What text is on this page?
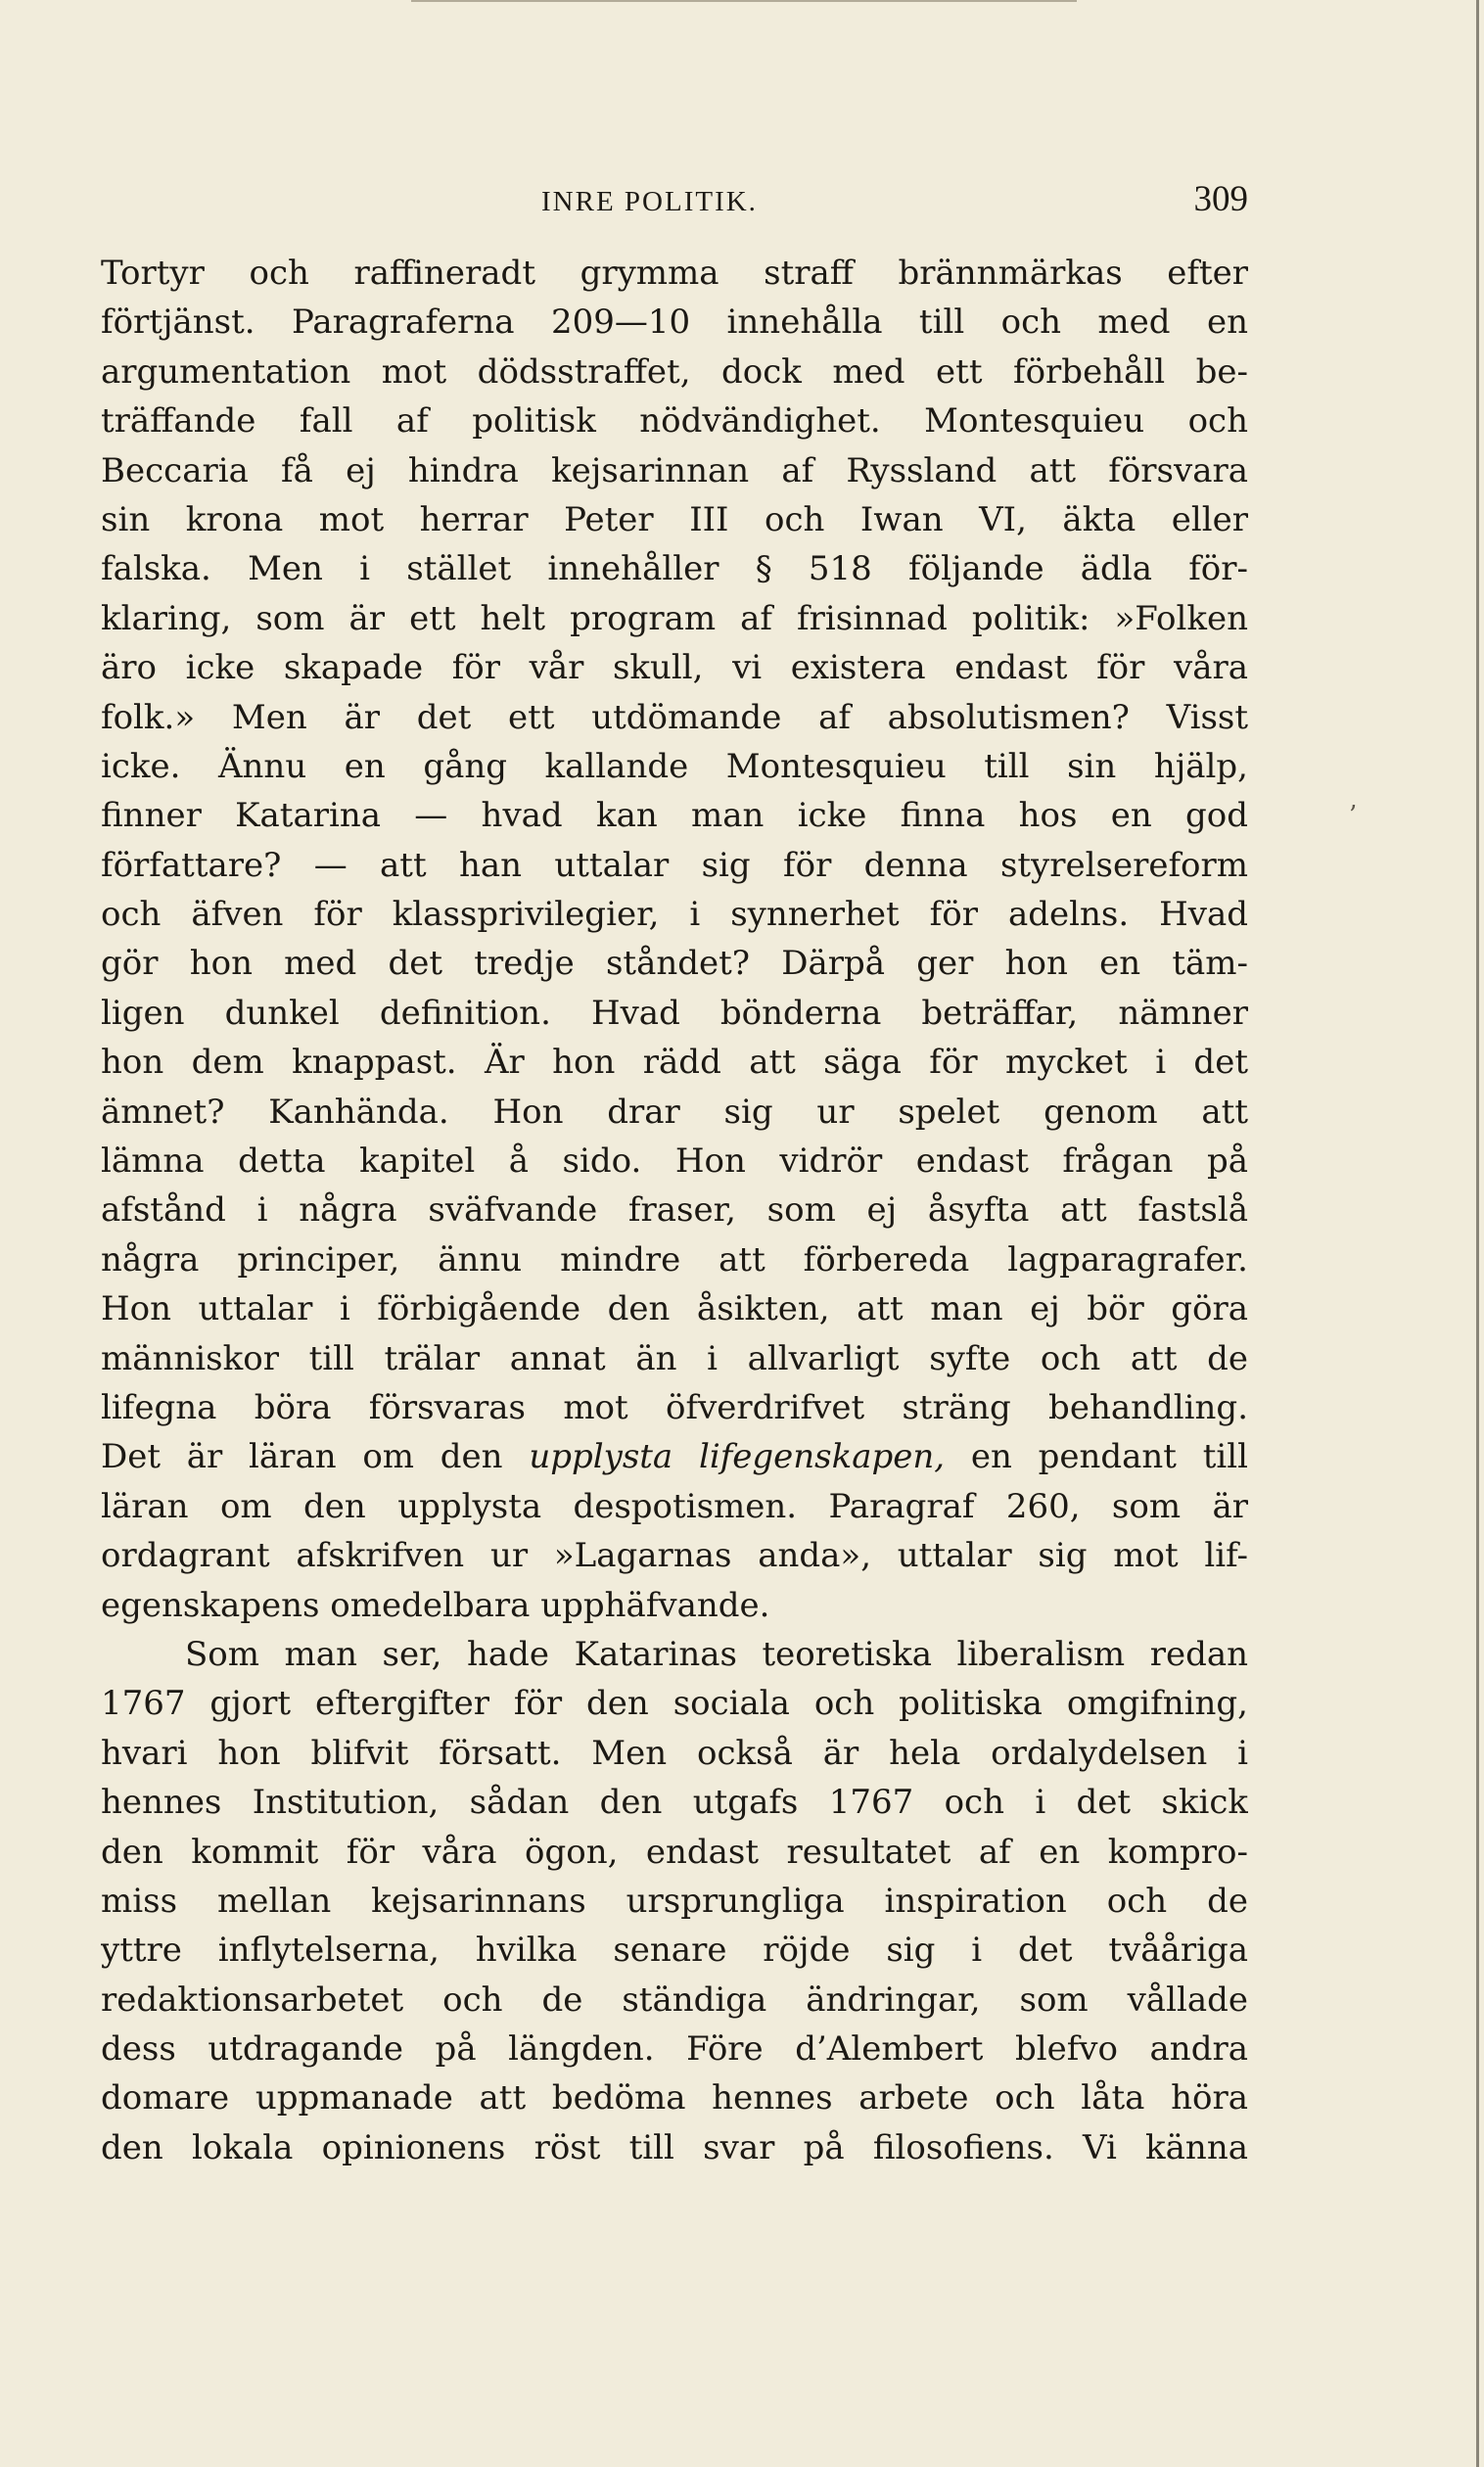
INRE POLITIK.	309
’
Tortyr och raffineradt grymma straff brännmärkas efter
förtjänst. Paragraferna 209—10 innehålla till och med en
argumentation mot dödsstraffet, dock med ett förbehåll be-
träffande fall af politisk nödvändighet. Montesquieu och
Beccaria få ej hindra kejsarinnan af Ryssland att försvara
sin krona mot herrar Peter III och Iwan VI, äkta eller
falska. Men i stället innehåller § 518 följande ädla för-
klaring, som är ett helt program af frisinnad politik: »Folken
äro icke skapade för vår skull, vi existera endast för våra
folk.» Men är det ett utdömande af absolutismen? Visst
icke. Ännu en gång kallande Montesquieu till sin hjälp,
finner Katarina — hvad kan man icke finna hos en god
författare? — att han uttalar sig för denna styrelsereform
och äfven för klassprivilegier, i synnerhet för adelns. Hvad
gör hon med det tredje ståndet? Därpå ger hon en täm-
ligen dunkel definition. Hvad bönderna beträffar, nämner
hon dem knappast. Är hon rädd att säga för mycket i det
ämnet? Kanhända. Hon drar sig ur spelet genom att
lämna detta kapitel å sido. Hon vidrör endast frågan på
afstånd i några sväfvande fraser, som ej åsyfta att fastslå
några principer, ännu mindre att förbereda lagparagrafer.
Hon uttalar i förbigående den åsikten, att man ej bör göra
människor till trälar annat än i allvarligt syfte och att de
lifegna böra försvaras mot öfverdrifvet sträng behandling.
Det är läran om den upplysta lifegenskapen, en pendant till
läran om den upplysta despotismen. Paragraf 260, som är
ordagrant afskrifven ur »Lagarnas anda», uttalar sig mot lif-
egenskapens omedelbara upphäfvande.
Som man ser, hade Katarinas teoretiska liberalism redan
1767 gjort eftergifter för den sociala och politiska omgifning,
hvari hon blifvit försatt. Men också är hela ordalydelsen i
hennes Institution, sådan den utgafs 1767 och i det skick
den kommit för våra ögon, endast resultatet af en kompro-
miss mellan kejsarinnans ursprungliga inspiration och de
yttre inflytelserna, hvilka senare röjde sig i det tvååriga
redaktionsarbetet och de ständiga ändringar, som vållade
dess utdragande på längden. Före d’Alembert blefvo andra
domare uppmanade att bedöma hennes arbete och låta höra
den lokala opinionens röst till svar på filosofiens. Vi känna
